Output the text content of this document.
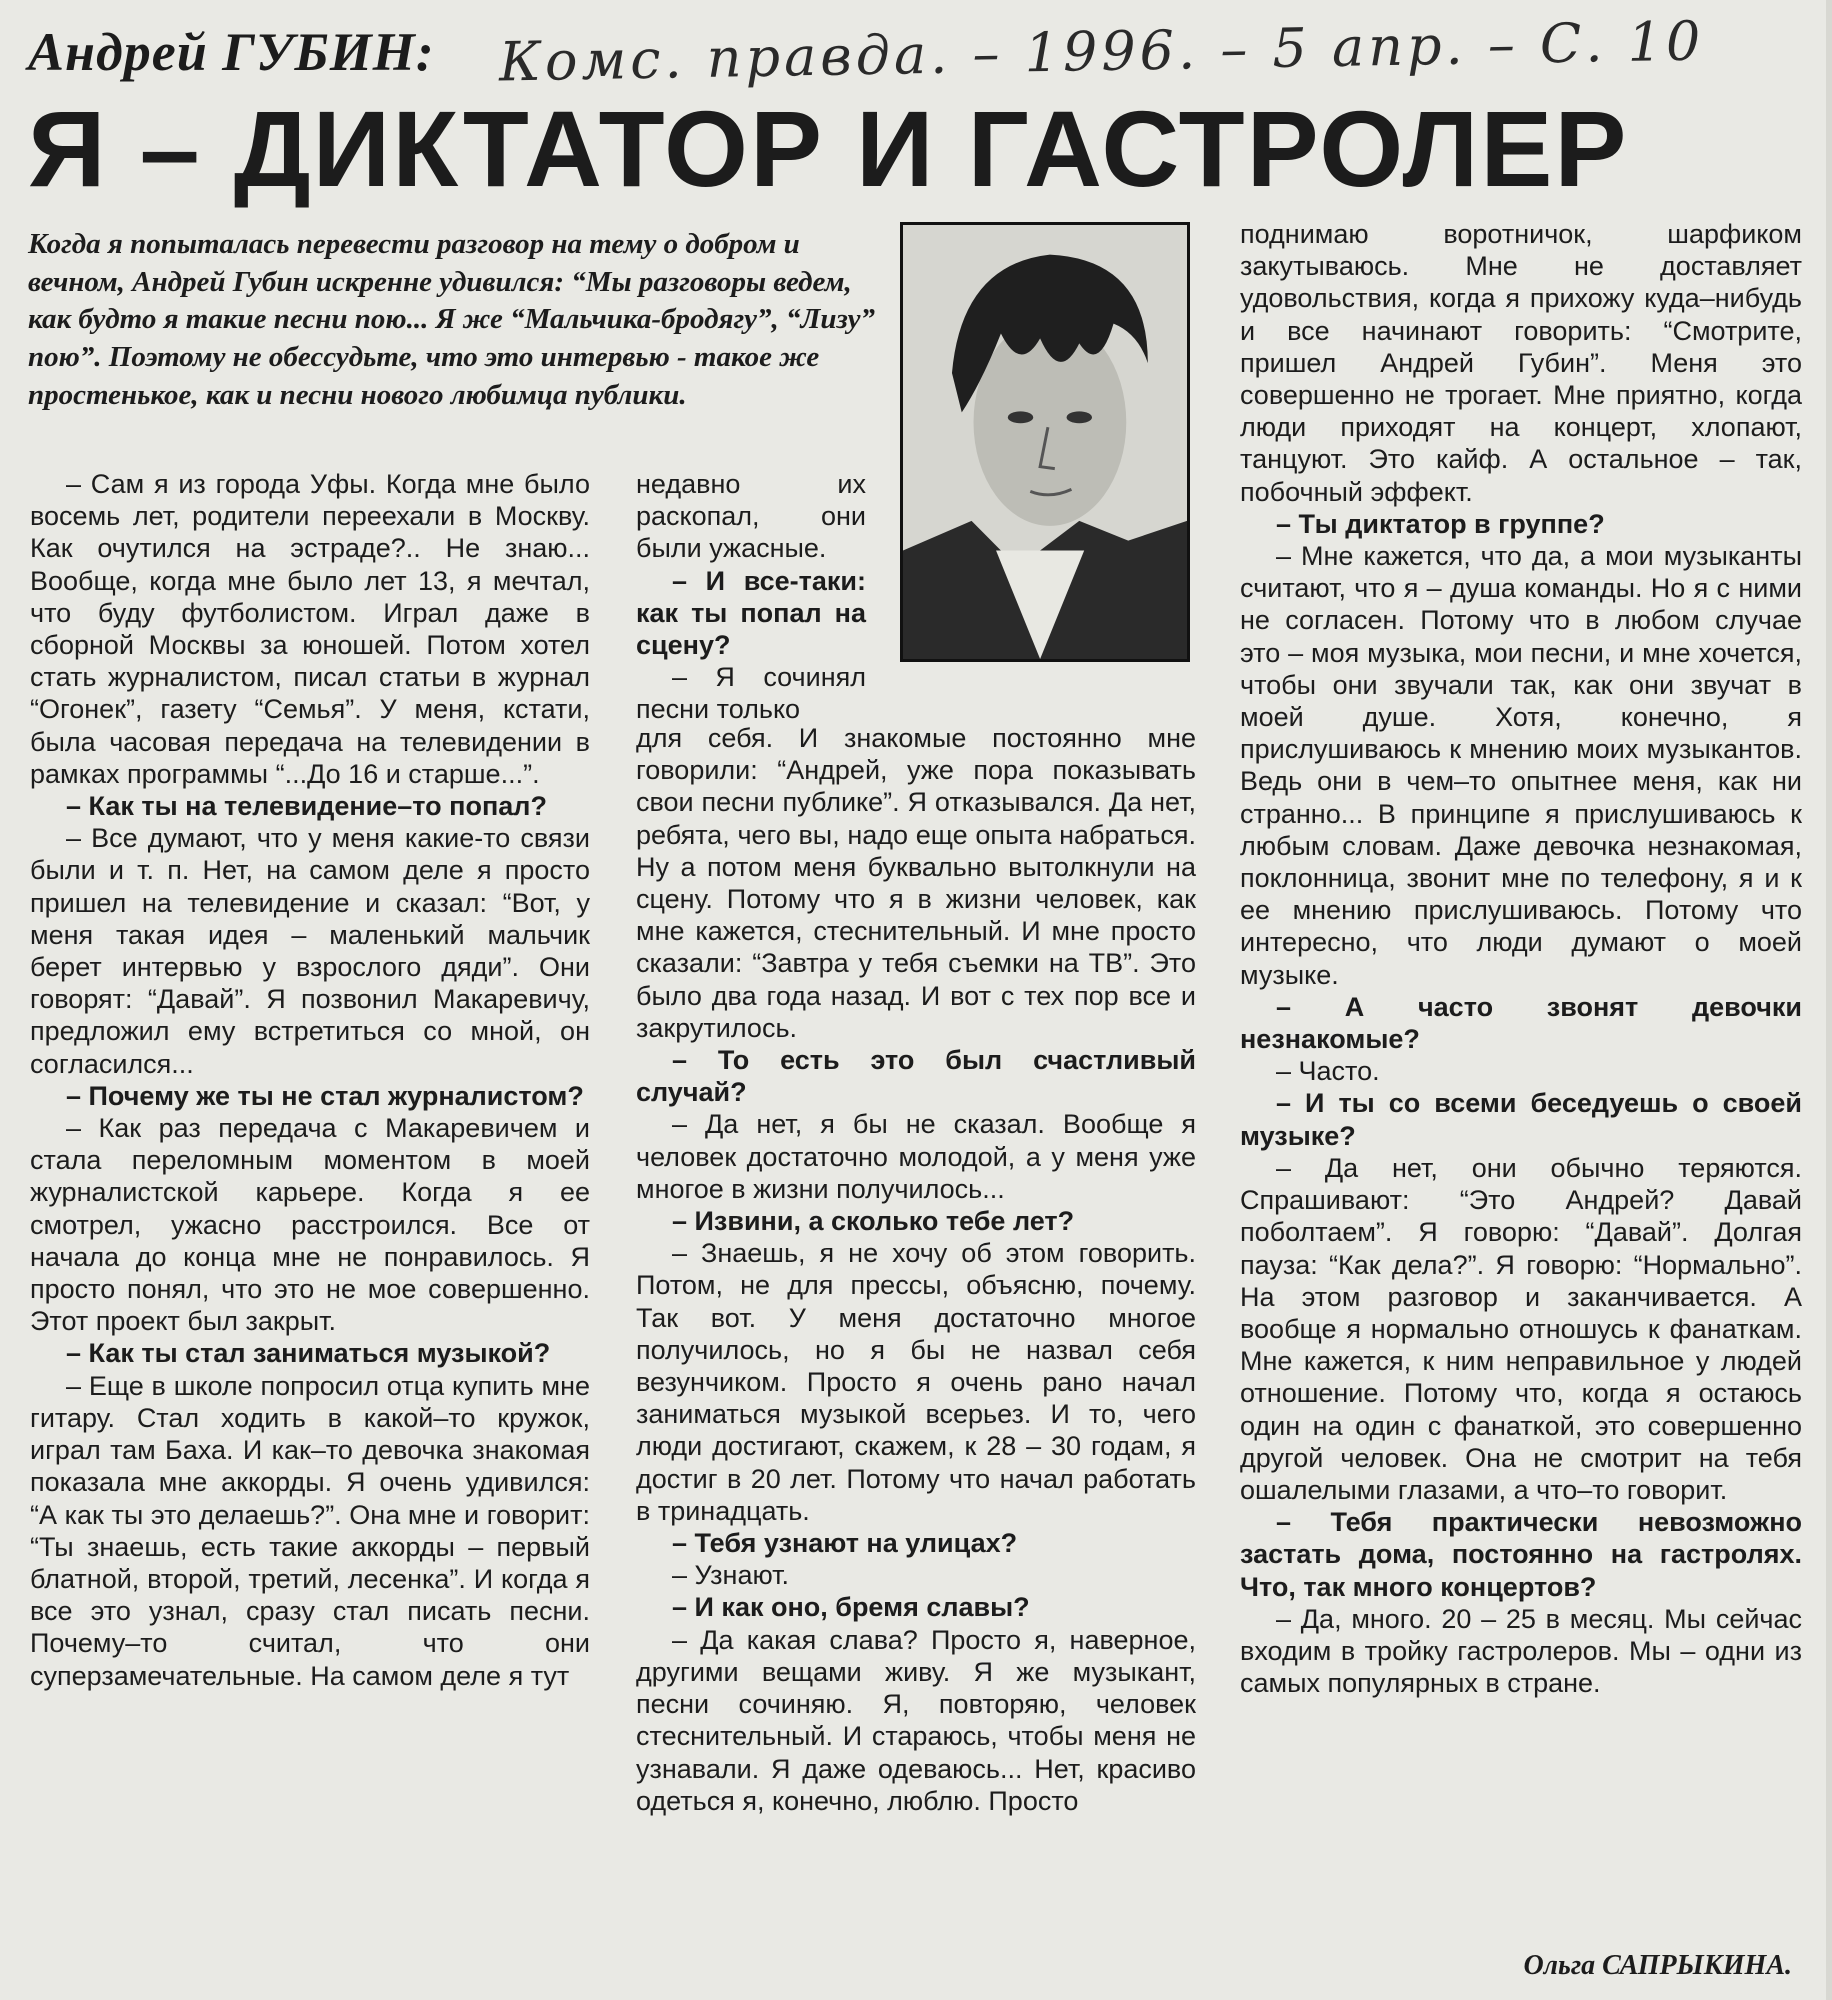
Андрей ГУБИН: Комс. правда. – 1996. – 5 апр. – С. 10
Я – ДИКТАТОР И ГАСТРОЛЕР
Когда я попыталась перевести разговор на тему о добром и вечном, Андрей Губин искренне удивился: “Мы разговоры ведем, как будто я такие песни пою... Я же “Мальчика-бродягу”, “Лизу” пою”. Поэтому не обессудьте, что это интервью - такое же простенькое, как и песни нового любимца публики.

– Сам я из города Уфы. Когда мне было восемь лет, родители переехали в Москву. Как очутился на эстраде?.. Не знаю... Вообще, когда мне было лет 13, я мечтал, что буду футболистом. Играл даже в сборной Москвы за юношей. Потом хотел стать журналистом, писал статьи в журнал “Огонек”, газету “Семья”. У меня, кстати, была часовая передача на телевидении в рамках программы “...До 16 и старше...”.

– Как ты на телевидение–то попал?

– Все думают, что у меня какие-то связи были и т. п. Нет, на самом деле я просто пришел на телевидение и сказал: “Вот, у меня такая идея – маленький мальчик берет интервью у взрослого дяди”. Они говорят: “Давай”. Я позвонил Макаревичу, предложил ему встретиться со мной, он согласился...

– Почему же ты не стал журналистом?

– Как раз передача с Макаревичем и стала переломным моментом в моей журналистской карьере. Когда я ее смотрел, ужасно расстроился. Все от начала до конца мне не понравилось. Я просто понял, что это не мое совершенно. Этот проект был закрыт.

– Как ты стал заниматься музыкой?

– Еще в школе попросил отца купить мне гитару. Стал ходить в какой–то кружок, играл там Баха. И как–то девочка знакомая показала мне аккорды. Я очень удивился: “А как ты это делаешь?”. Она мне и говорит: “Ты знаешь, есть такие аккорды – первый блатной, второй, третий, лесенка”. И когда я все это узнал, сразу стал писать песни. Почему–то считал, что они суперзамечательные. На самом деле я тут

недавно их раскопал, они были ужасные.

– И все-таки: как ты попал на сцену?

– Я сочинял песни только

для себя. И знакомые постоянно мне говорили: “Андрей, уже пора показывать свои песни публике”. Я отказывался. Да нет, ребята, чего вы, надо еще опыта набраться. Ну а потом меня буквально вытолкнули на сцену. Потому что я в жизни человек, как мне кажется, стеснительный. И мне просто сказали: “Завтра у тебя съемки на ТВ”. Это было два года назад. И вот с тех пор все и закрутилось.

– То есть это был счастливый случай?

– Да нет, я бы не сказал. Вообще я человек достаточно молодой, а у меня уже многое в жизни получилось...

– Извини, а сколько тебе лет?

– Знаешь, я не хочу об этом говорить. Потом, не для прессы, объясню, почему. Так вот. У меня достаточно многое получилось, но я бы не назвал себя везунчиком. Просто я очень рано начал заниматься музыкой всерьез. И то, чего люди достигают, скажем, к 28 – 30 годам, я достиг в 20 лет. Потому что начал работать в тринадцать.

– Тебя узнают на улицах?

– Узнают.

– И как оно, бремя славы?

– Да какая слава? Просто я, наверное, другими вещами живу. Я же музыкант, песни сочиняю. Я, повторяю, человек стеснительный. И стараюсь, чтобы меня не узнавали. Я даже одеваюсь... Нет, красиво одеться я, конечно, люблю. Просто

поднимаю воротничок, шарфиком закутываюсь. Мне не доставляет удовольствия, когда я прихожу куда–нибудь и все начинают говорить: “Смотрите, пришел Андрей Губин”. Меня это совершенно не трогает. Мне приятно, когда люди приходят на концерт, хлопают, танцуют. Это кайф. А остальное – так, побочный эффект.

– Ты диктатор в группе?

– Мне кажется, что да, а мои музыканты считают, что я – душа команды. Но я с ними не согласен. Потому что в любом случае это – моя музыка, мои песни, и мне хочется, чтобы они звучали так, как они звучат в моей душе. Хотя, конечно, я прислушиваюсь к мнению моих музыкантов. Ведь они в чем–то опытнее меня, как ни странно... В принципе я прислушиваюсь к любым словам. Даже девочка незнакомая, поклонница, звонит мне по телефону, я и к ее мнению прислушиваюсь. Потому что интересно, что люди думают о моей музыке.

– А часто звонят девочки незнакомые?

– Часто.

– И ты со всеми беседуешь о своей музыке?

– Да нет, они обычно теряются. Спрашивают: “Это Андрей? Давай поболтаем”. Я говорю: “Давай”. Долгая пауза: “Как дела?”. Я говорю: “Нормально”. На этом разговор и заканчивается. А вообще я нормально отношусь к фанаткам. Мне кажется, к ним неправильное у людей отношение. Потому что, когда я остаюсь один на один с фанаткой, это совершенно другой человек. Она не смотрит на тебя ошалелыми глазами, а что–то говорит.

– Тебя практически невозможно застать дома, постоянно на гастролях. Что, так много концертов?

– Да, много. 20 – 25 в месяц. Мы сейчас входим в тройку гастролеров. Мы – одни из самых популярных в стране.

Ольга САПРЫКИНА.
